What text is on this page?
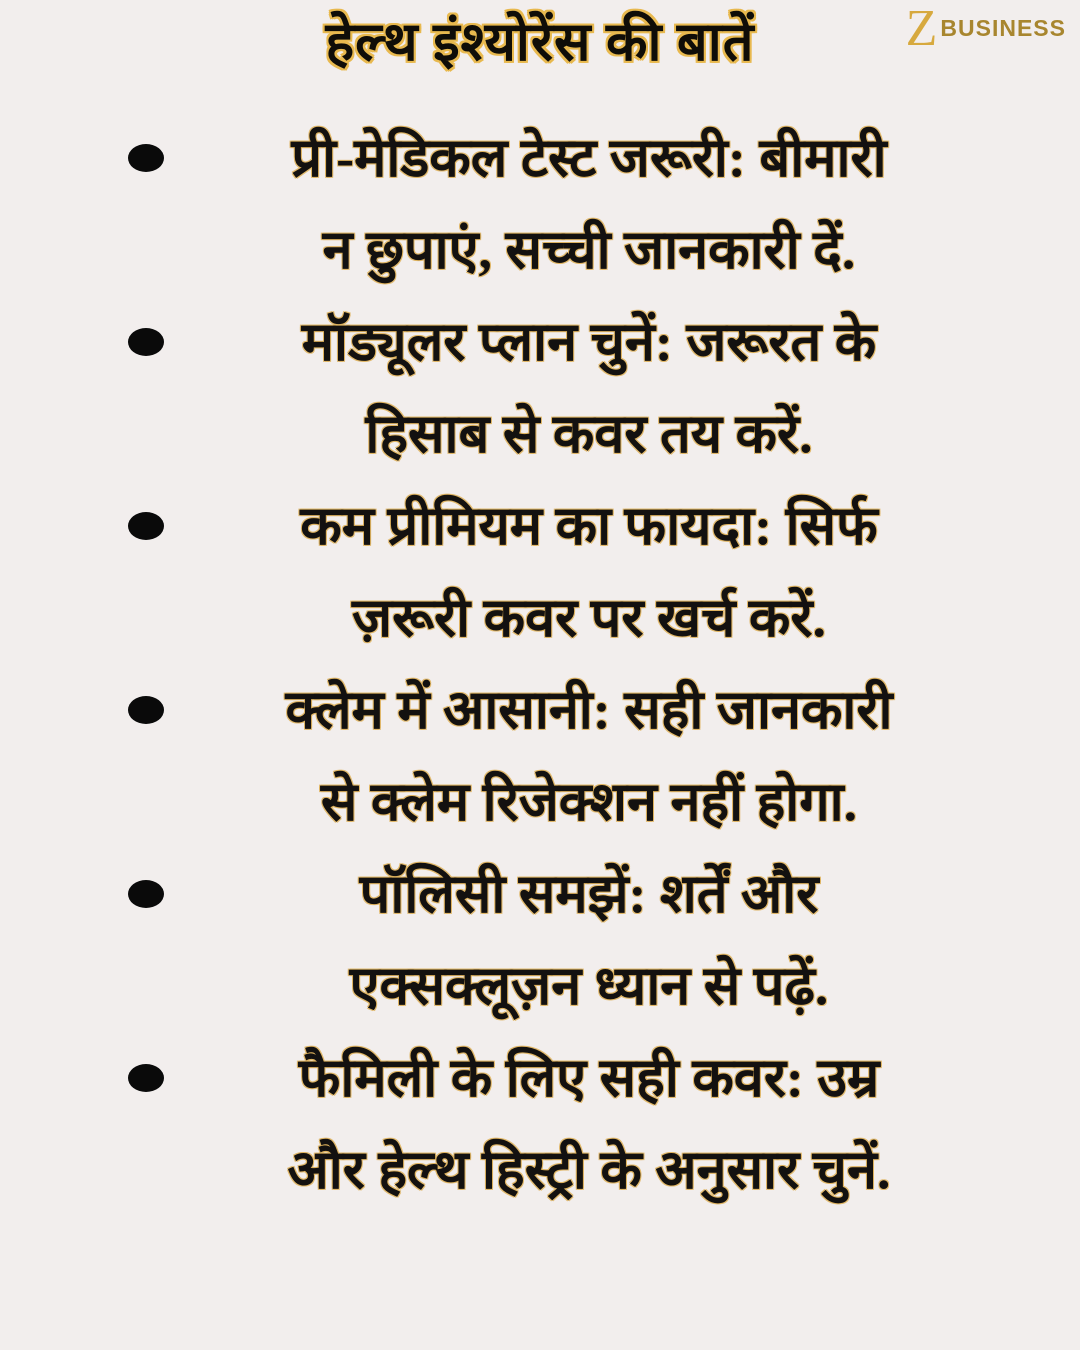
हेल्थ इंश्योरेंस की बातें	Z BUSINESS
प्री-मेडिकल टेस्ट जरूरी: बीमारी
न छुपाएं, सच्ची जानकारी दें.
मॉड्यूलर प्लान चुनें: जरूरत के
हिसाब से कवर तय करें.
कम प्रीमियम का फायदा: सिर्फ
ज़रूरी कवर पर खर्च करें.
क्लेम में आसानी: सही जानकारी
से क्लेम रिजेक्शन नहीं होगा.
पॉलिसी समझें: शर्तें और
एक्सक्लूज़न ध्यान से पढ़ें.
फैमिली के लिए सही कवर: उम्र
और हेल्थ हिस्ट्री के अनुसार चुनें.
